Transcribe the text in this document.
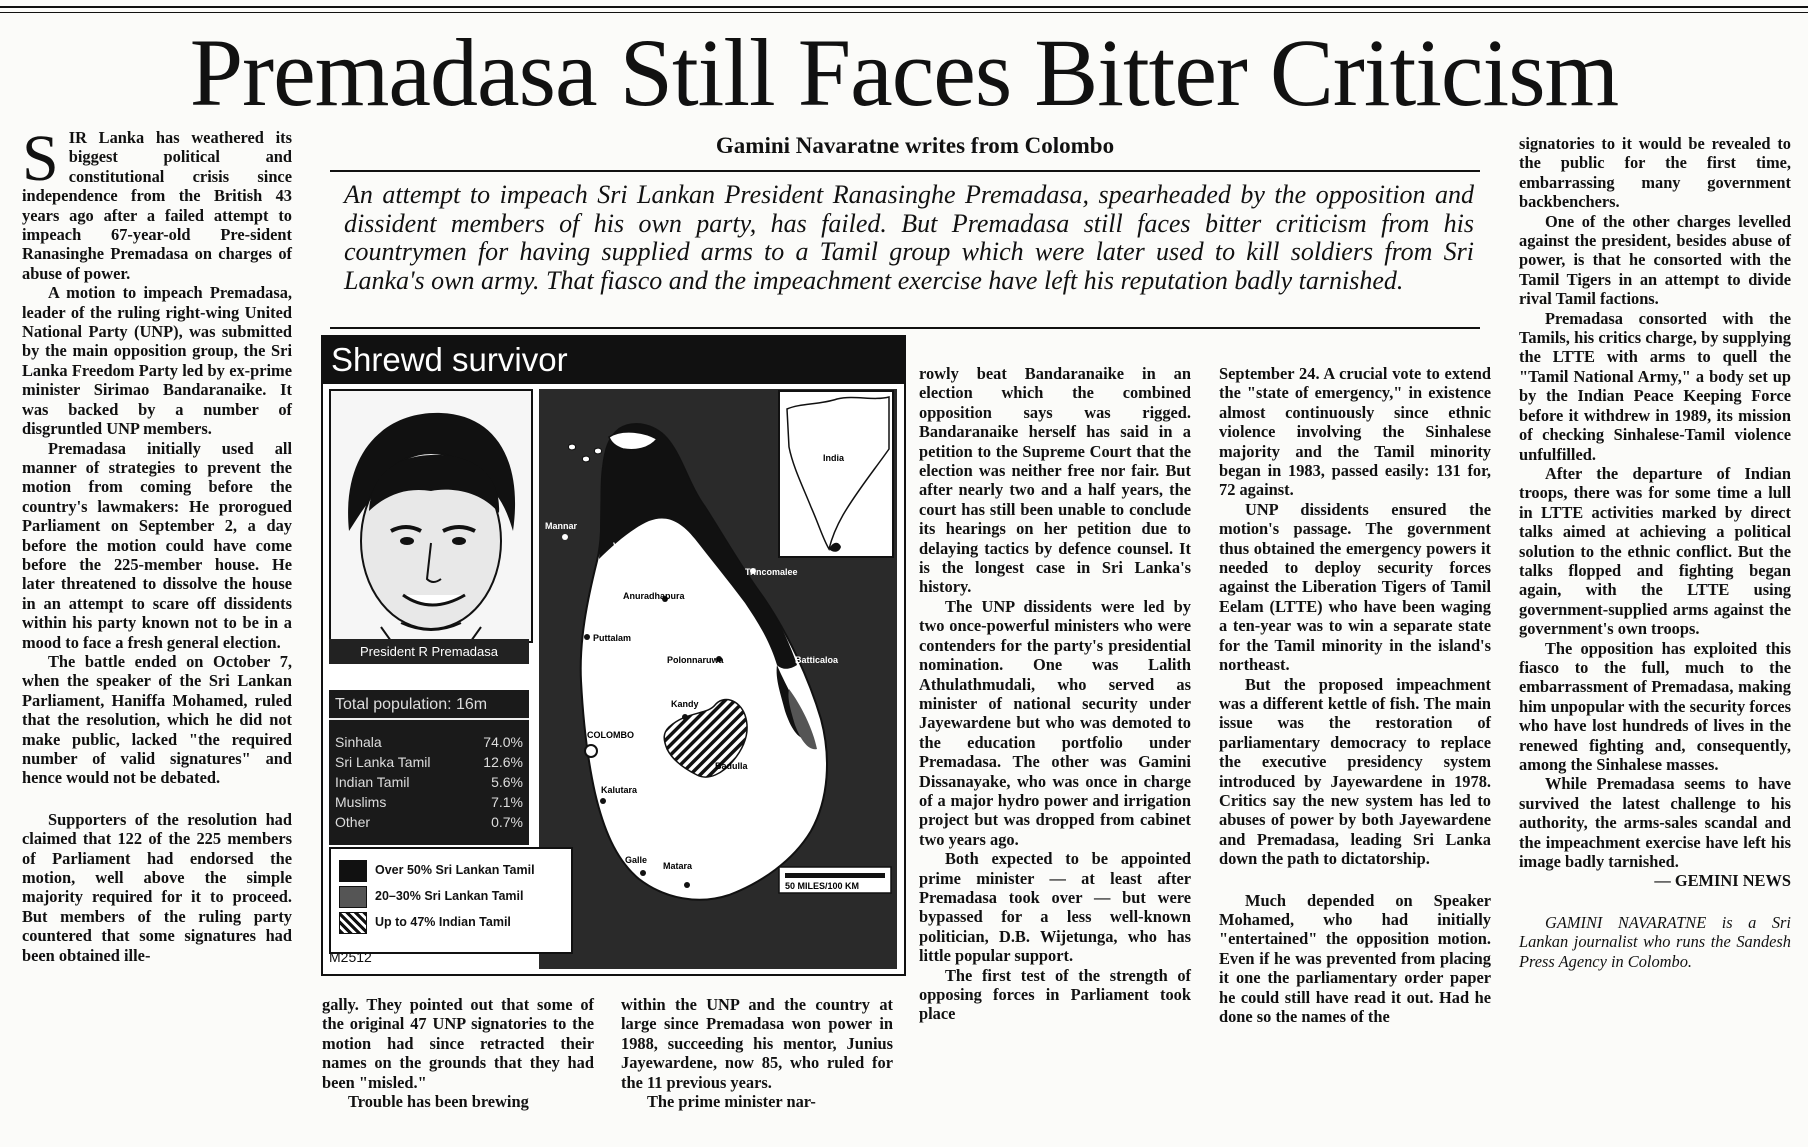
Premadasa Still Faces Bitter Criticism

SIR Lanka has weathered its biggest political and constitutional crisis since independence from the British 43 years ago after a failed attempt to impeach 67-year-old Pre-sident Ranasinghe Premadasa on charges of abuse of power.

A motion to impeach Premadasa, leader of the ruling right-wing United National Party (UNP), was submitted by the main opposition group, the Sri Lanka Freedom Party led by ex-prime minister Sirimao Bandaranaike. It was backed by a number of disgruntled UNP members.

Premadasa initially used all manner of strategies to prevent the motion from coming before the country's lawmakers: He prorogued Parliament on September 2, a day before the motion could have come before the 225-member house. He later threatened to dissolve the house in an attempt to scare off dissidents within his party known not to be in a mood to face a fresh general election.

The battle ended on October 7, when the speaker of the Sri Lankan Parliament, Haniffa Mohamed, ruled that the resolution, which he did not make public, lacked "the required number of valid signatures" and hence would not be debated.

Supporters of the resolution had claimed that 122 of the 225 members of Parliament had endorsed the motion, well above the simple majority required for it to proceed. But members of the ruling party countered that some signatures had been obtained ille-

Gamini Navaratne writes from Colombo
An attempt to impeach Sri Lankan President Ranasinghe Premadasa, spearheaded by the opposition and dissident members of his own party, has failed. But Premadasa still faces bitter criticism from his countrymen for having supplied arms to a Tamil group which were later used to kill soldiers from Sri Lanka's own army. That fiasco and the impeachment exercise have left his reputation badly tarnished.
Shrewd survivor
President R Premadasa
Total population: 16m
Sinhala	74.0%
Sri Lanka Tamil	12.6%
Indian Tamil	5.6%
Muslims	7.1%
Other	0.7%
India
Jaffna
Mannar
Vavuniya
Trincomalee
Anuradhapura
Puttalam
Polonnaruwa	Batticaloa
Kandy
COLOMBO
Badulla
Kalutara
Galle
Matara
50 MILES/100 KM
Over 50% Sri Lankan Tamil
20–30% Sri Lankan Tamil
Up to 47% Indian Tamil
M2512

gally. They pointed out that some of the original 47 UNP signatories to the motion had since retracted their names on the grounds that they had been "misled."

Trouble has been brewing

within the UNP and the country at large since Premadasa won power in 1988, succeeding his mentor, Junius Jayewardene, now 85, who ruled for the 11 previous years.

The prime minister nar-

rowly beat Bandaranaike in an election which the combined opposition says was rigged. Bandaranaike herself has said in a petition to the Supreme Court that the election was neither free nor fair. But after nearly two and a half years, the court has still been unable to conclude its hearings on her petition due to delaying tactics by defence counsel. It is the longest case in Sri Lanka's history.

The UNP dissidents were led by two once-powerful ministers who were contenders for the party's presidential nomination. One was Lalith Athulathmudali, who served as minister of national security under Jayewardene but who was demoted to the education portfolio under Premadasa. The other was Gamini Dissanayake, who was once in charge of a major hydro power and irrigation project but was dropped from cabinet two years ago.

Both expected to be appointed prime minister — at least after Premadasa took over — but were bypassed for a less well-known politician, D.B. Wijetunga, who has little popular support.

The first test of the strength of opposing forces in Parliament took place

September 24. A crucial vote to extend the "state of emergency," in existence almost continuously since ethnic violence involving the Sinhalese majority and the Tamil minority began in 1983, passed easily: 131 for, 72 against.

UNP dissidents ensured the motion's passage. The government thus obtained the emergency powers it needed to deploy security forces against the Liberation Tigers of Tamil Eelam (LTTE) who have been waging a ten-year was to win a separate state for the Tamil minority in the island's northeast.

But the proposed impeachment was a different kettle of fish. The main issue was the restoration of parliamentary democracy to replace the executive presidency system introduced by Jayewardene in 1978. Critics say the new system has led to abuses of power by both Jayewardene and Premadasa, leading Sri Lanka down the path to dictatorship.

Much depended on Speaker Mohamed, who had initially "entertained" the opposition motion. Even if he was prevented from placing it one the parliamentary order paper he could still have read it out. Had he done so the names of the

signatories to it would be revealed to the public for the first time, embarrassing many government backbenchers.

One of the other charges levelled against the president, besides abuse of power, is that he consorted with the Tamil Tigers in an attempt to divide rival Tamil factions.

Premadasa consorted with the Tamils, his critics charge, by supplying the LTTE with arms to quell the "Tamil National Army," a body set up by the Indian Peace Keeping Force before it withdrew in 1989, its mission of checking Sinhalese-Tamil violence unfulfilled.

After the departure of Indian troops, there was for some time a lull in LTTE activities marked by direct talks aimed at achieving a political solution to the ethnic conflict. But the talks flopped and fighting began again, with the LTTE using government-supplied arms against the government's own troops.

The opposition has exploited this fiasco to the full, much to the embarrassment of Premadasa, making him unpopular with the security forces who have lost hundreds of lives in the renewed fighting and, consequently, among the Sinhalese masses.

While Premadasa seems to have survived the latest challenge to his authority, the arms-sales scandal and the impeachment exercise have left his image badly tarnished.

— GEMINI NEWS

GAMINI NAVARATNE is a Sri Lankan journalist who runs the Sandesh Press Agency in Colombo.
